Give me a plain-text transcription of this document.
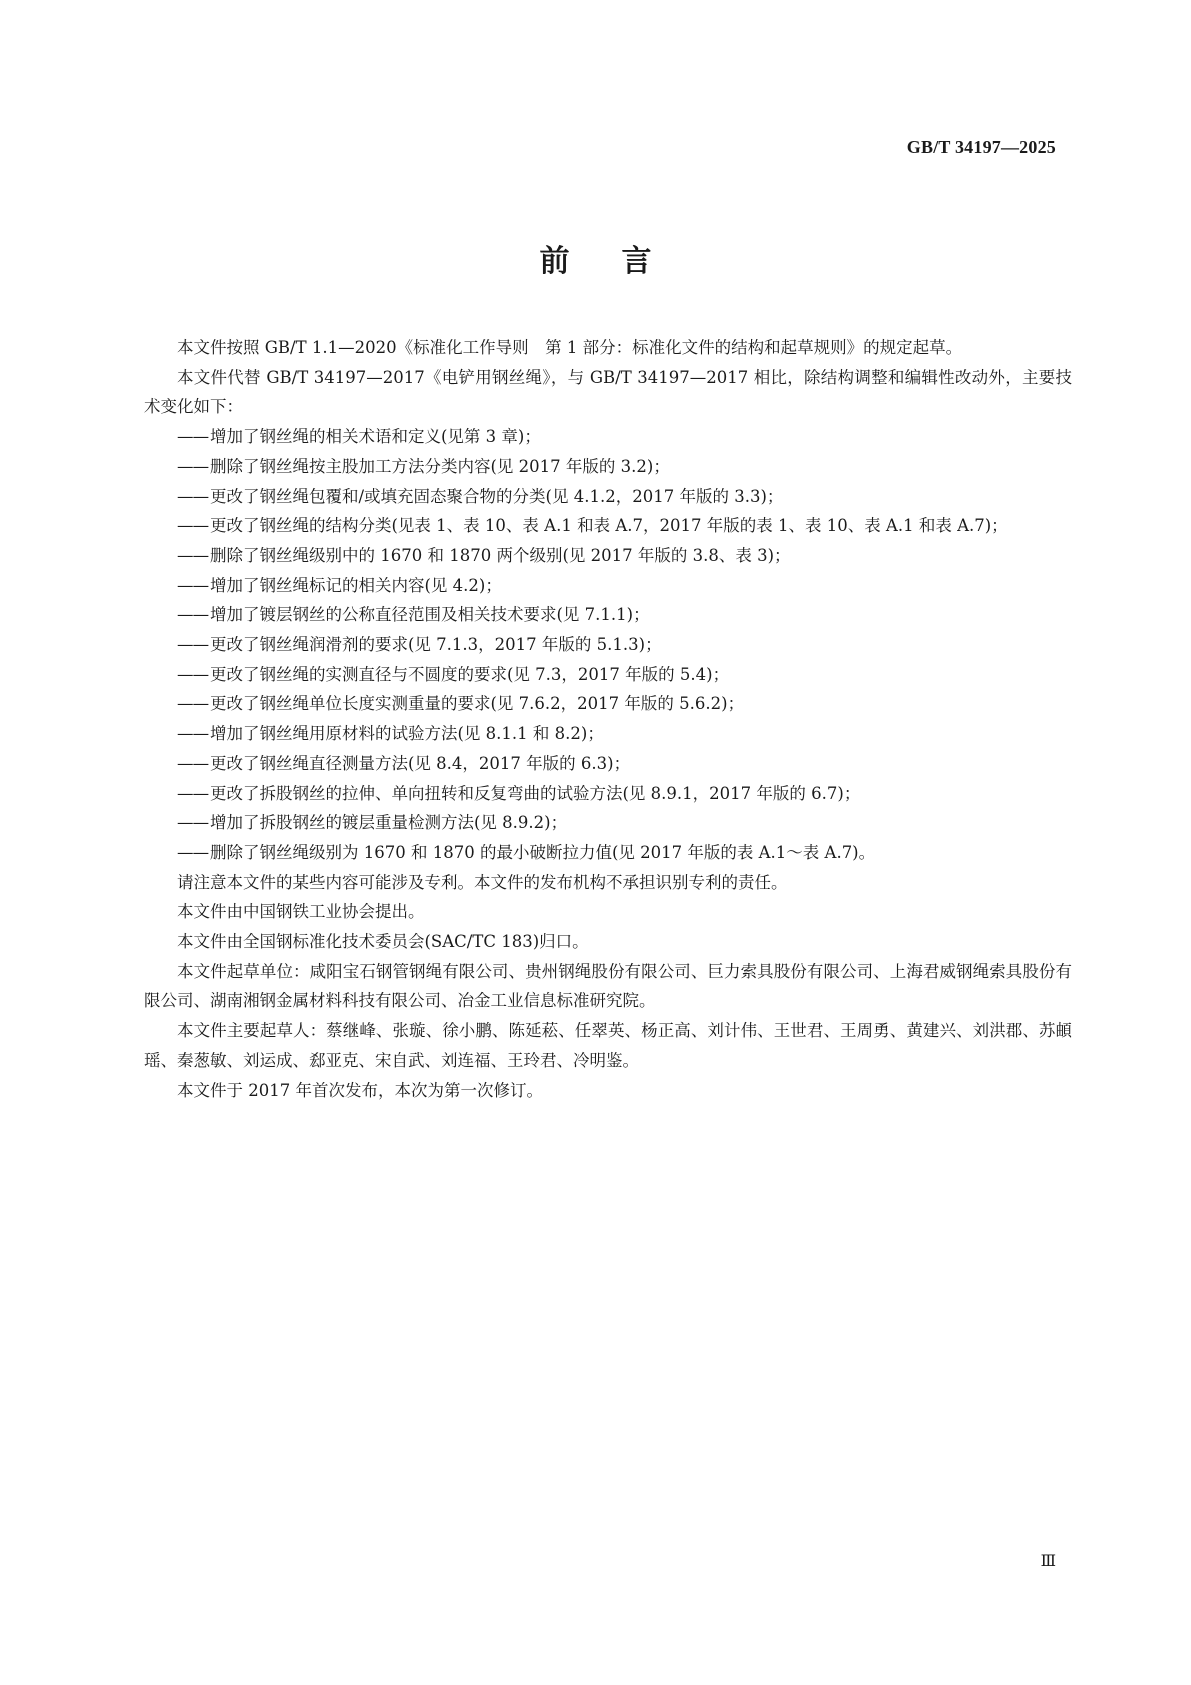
GB/T 34197—2025
前言

本文件按照 GB/T 1.1—2020《标准化工作导则　第 1 部分：标准化文件的结构和起草规则》的规定起草。

本文件代替 GB/T 34197—2017《电铲用钢丝绳》，与 GB/T 34197—2017 相比，除结构调整和编辑性改动外，主要技术变化如下：

——增加了钢丝绳的相关术语和定义(见第 3 章)；

——删除了钢丝绳按主股加工方法分类内容(见 2017 年版的 3.2)；

——更改了钢丝绳包覆和/或填充固态聚合物的分类(见 4.1.2，2017 年版的 3.3)；

——更改了钢丝绳的结构分类(见表 1、表 10、表 A.1 和表 A.7，2017 年版的表 1、表 10、表 A.1 和表 A.7)；

——删除了钢丝绳级别中的 1670 和 1870 两个级别(见 2017 年版的 3.8、表 3)；

——增加了钢丝绳标记的相关内容(见 4.2)；

——增加了镀层钢丝的公称直径范围及相关技术要求(见 7.1.1)；

——更改了钢丝绳润滑剂的要求(见 7.1.3，2017 年版的 5.1.3)；

——更改了钢丝绳的实测直径与不圆度的要求(见 7.3，2017 年版的 5.4)；

——更改了钢丝绳单位长度实测重量的要求(见 7.6.2，2017 年版的 5.6.2)；

——增加了钢丝绳用原材料的试验方法(见 8.1.1 和 8.2)；

——更改了钢丝绳直径测量方法(见 8.4，2017 年版的 6.3)；

——更改了拆股钢丝的拉伸、单向扭转和反复弯曲的试验方法(见 8.9.1，2017 年版的 6.7)；

——增加了拆股钢丝的镀层重量检测方法(见 8.9.2)；

——删除了钢丝绳级别为 1670 和 1870 的最小破断拉力值(见 2017 年版的表 A.1～表 A.7)。

请注意本文件的某些内容可能涉及专利。本文件的发布机构不承担识别专利的责任。

本文件由中国钢铁工业协会提出。

本文件由全国钢标准化技术委员会(SAC/TC 183)归口。

本文件起草单位：咸阳宝石钢管钢绳有限公司、贵州钢绳股份有限公司、巨力索具股份有限公司、上海君威钢绳索具股份有限公司、湖南湘钢金属材料科技有限公司、冶金工业信息标准研究院。

本文件主要起草人：蔡继峰、张璇、徐小鹏、陈延菘、任翠英、杨正高、刘计伟、王世君、王周勇、黄建兴、刘洪郡、苏頔瑶、秦葱敏、刘运成、郄亚克、宋自武、刘连福、王玲君、冷明鉴。

本文件于 2017 年首次发布，本次为第一次修订。

Ⅲ
